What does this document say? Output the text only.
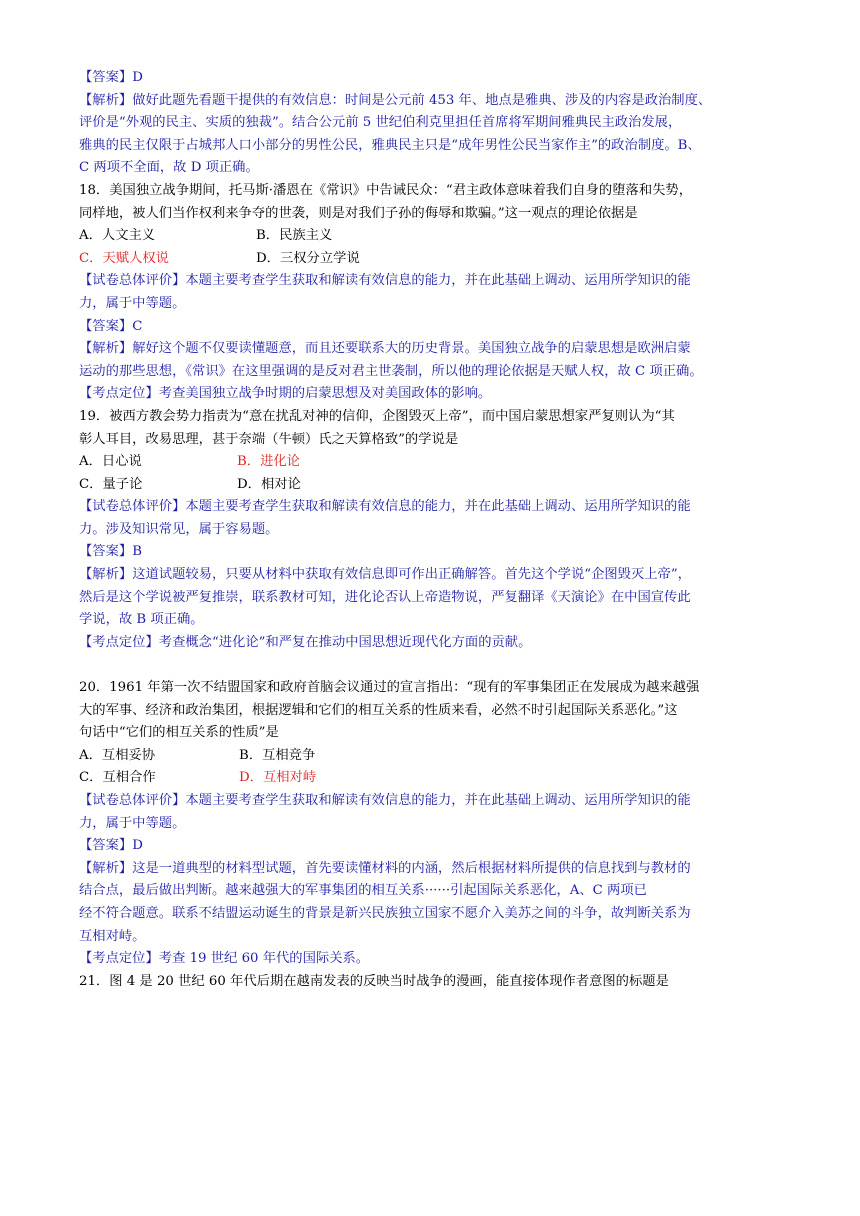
【答案】D
【解析】做好此题先看题干提供的有效信息：时间是公元前 453 年、地点是雅典、涉及的内容是政治制度、
评价是“外观的民主、实质的独裁”。结合公元前 5 世纪伯利克里担任首席将军期间雅典民主政治发展，
雅典的民主仅限于占城邦人口小部分的男性公民，雅典民主只是“成年男性公民当家作主”的政治制度。B、
C 两项不全面，故 D 项正确。
18．美国独立战争期间，托马斯·潘恩在《常识》中告诫民众：“君主政体意味着我们自身的堕落和失势，
同样地，被人们当作权利来争夺的世袭，则是对我们子孙的侮辱和欺骗。”这一观点的理论依据是
A．人文主义	B．民族主义
C．天赋人权说	D．三权分立学说
【试卷总体评价】本题主要考查学生获取和解读有效信息的能力，并在此基础上调动、运用所学知识的能
力，属于中等题。
【答案】C
【解析】解好这个题不仅要读懂题意，而且还要联系大的历史背景。美国独立战争的启蒙思想是欧洲启蒙
运动的那些思想，《常识》在这里强调的是反对君主世袭制，所以他的理论依据是天赋人权，故 C 项正确。
【考点定位】考查美国独立战争时期的启蒙思想及对美国政体的影响。
19．被西方教会势力指责为“意在扰乱对神的信仰，企图毁灭上帝”，而中国启蒙思想家严复则认为“其
彰人耳目，改易思理，甚于奈端（牛顿）氏之天算格致”的学说是
A．日心说	B．进化论
C．量子论	D．相对论
【试卷总体评价】本题主要考查学生获取和解读有效信息的能力，并在此基础上调动、运用所学知识的能
力。涉及知识常见，属于容易题。
【答案】B
【解析】这道试题较易，只要从材料中获取有效信息即可作出正确解答。首先这个学说“企图毁灭上帝”，
然后是这个学说被严复推崇，联系教材可知，进化论否认上帝造物说，严复翻译《天演论》在中国宣传此
学说，故 B 项正确。
【考点定位】考查概念“进化论”和严复在推动中国思想近现代化方面的贡献。
20．1961 年第一次不结盟国家和政府首脑会议通过的宣言指出：“现有的军事集团正在发展成为越来越强
大的军事、经济和政治集团，根据逻辑和它们的相互关系的性质来看，必然不时引起国际关系恶化。”这
句话中“它们的相互关系的性质”是
A．互相妥协	B．互相竞争
C．互相合作	D．互相对峙
【试卷总体评价】本题主要考查学生获取和解读有效信息的能力，并在此基础上调动、运用所学知识的能
力，属于中等题。
【答案】D
【解析】这是一道典型的材料型试题，首先要读懂材料的内涵，然后根据材料所提供的信息找到与教材的
结合点，最后做出判断。越来越强大的军事集团的相互关系······引起国际关系恶化，A、C 两项已
经不符合题意。联系不结盟运动诞生的背景是新兴民族独立国家不愿介入美苏之间的斗争，故判断关系为
互相对峙。
【考点定位】考查 19 世纪 60 年代的国际关系。
21．图 4 是 20 世纪 60 年代后期在越南发表的反映当时战争的漫画，能直接体现作者意图的标题是
